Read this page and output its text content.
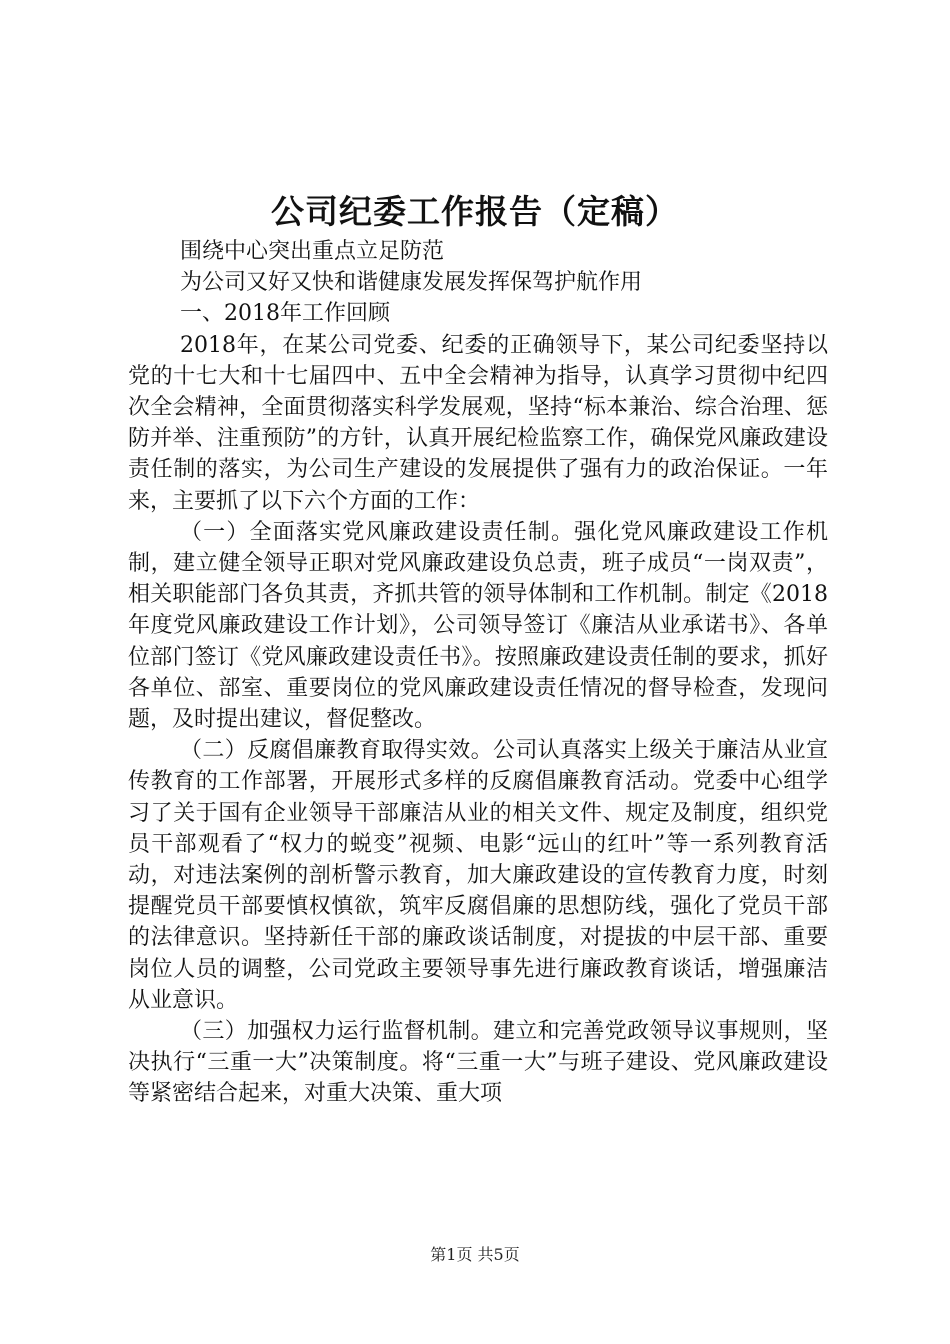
公司纪委工作报告（定稿）

围绕中心突出重点立足防范

为公司又好又快和谐健康发展发挥保驾护航作用

一、2018年工作回顾

2018年，在某公司党委、纪委的正确领导下，某公司纪委坚持以党的十七大和十七届四中、五中全会精神为指导，认真学习贯彻中纪四次全会精神，全面贯彻落实科学发展观，坚持“标本兼治、综合治理、惩防并举、注重预防”的方针，认真开展纪检监察工作，确保党风廉政建设责任制的落实，为公司生产建设的发展提供了强有力的政治保证。一年来，主要抓了以下六个方面的工作：

（一）全面落实党风廉政建设责任制。强化党风廉政建设工作机制，建立健全领导正职对党风廉政建设负总责，班子成员“一岗双责”，相关职能部门各负其责，齐抓共管的领导体制和工作机制。制定《2018年度党风廉政建设工作计划》，公司领导签订《廉洁从业承诺书》、各单位部门签订《党风廉政建设责任书》。按照廉政建设责任制的要求，抓好各单位、部室、重要岗位的党风廉政建设责任情况的督导检查，发现问题，及时提出建议，督促整改。

（二）反腐倡廉教育取得实效。公司认真落实上级关于廉洁从业宣传教育的工作部署，开展形式多样的反腐倡廉教育活动。党委中心组学习了关于国有企业领导干部廉洁从业的相关文件、规定及制度，组织党员干部观看了“权力的蜕变”视频、电影“远山的红叶”等一系列教育活动，对违法案例的剖析警示教育，加大廉政建设的宣传教育力度，时刻提醒党员干部要慎权慎欲，筑牢反腐倡廉的思想防线，强化了党员干部的法律意识。坚持新任干部的廉政谈话制度，对提拔的中层干部、重要岗位人员的调整，公司党政主要领导事先进行廉政教育谈话，增强廉洁从业意识。

（三）加强权力运行监督机制。建立和完善党政领导议事规则，坚决执行“三重一大”决策制度。将“三重一大”与班子建设、党风廉政建设等紧密结合起来，对重大决策、重大项

第1页 共5页
